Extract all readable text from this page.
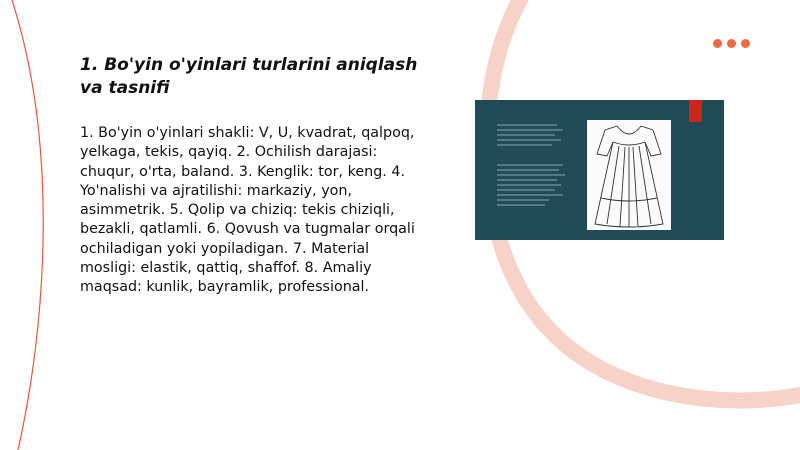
1. Bo'yin o'yinlari turlarini aniqlash va tasnifi
1. Bo'yin o'yinlari shakli: V, U, kvadrat, qalpoq, yelkaga, tekis, qayiq. 2. Ochilish darajasi: chuqur, o'rta, baland. 3. Kenglik: tor, keng. 4. Yo'nalishi va ajratilishi: markaziy, yon, asimmetrik. 5. Qolip va chiziq: tekis chiziqli, bezakli, qatlamli. 6. Qovush va tugmalar orqali ochiladigan yoki yopiladigan. 7. Material mosligi: elastik, qattiq, shaffof. 8. Amaliy maqsad: kunlik, bayramlik, professional.
